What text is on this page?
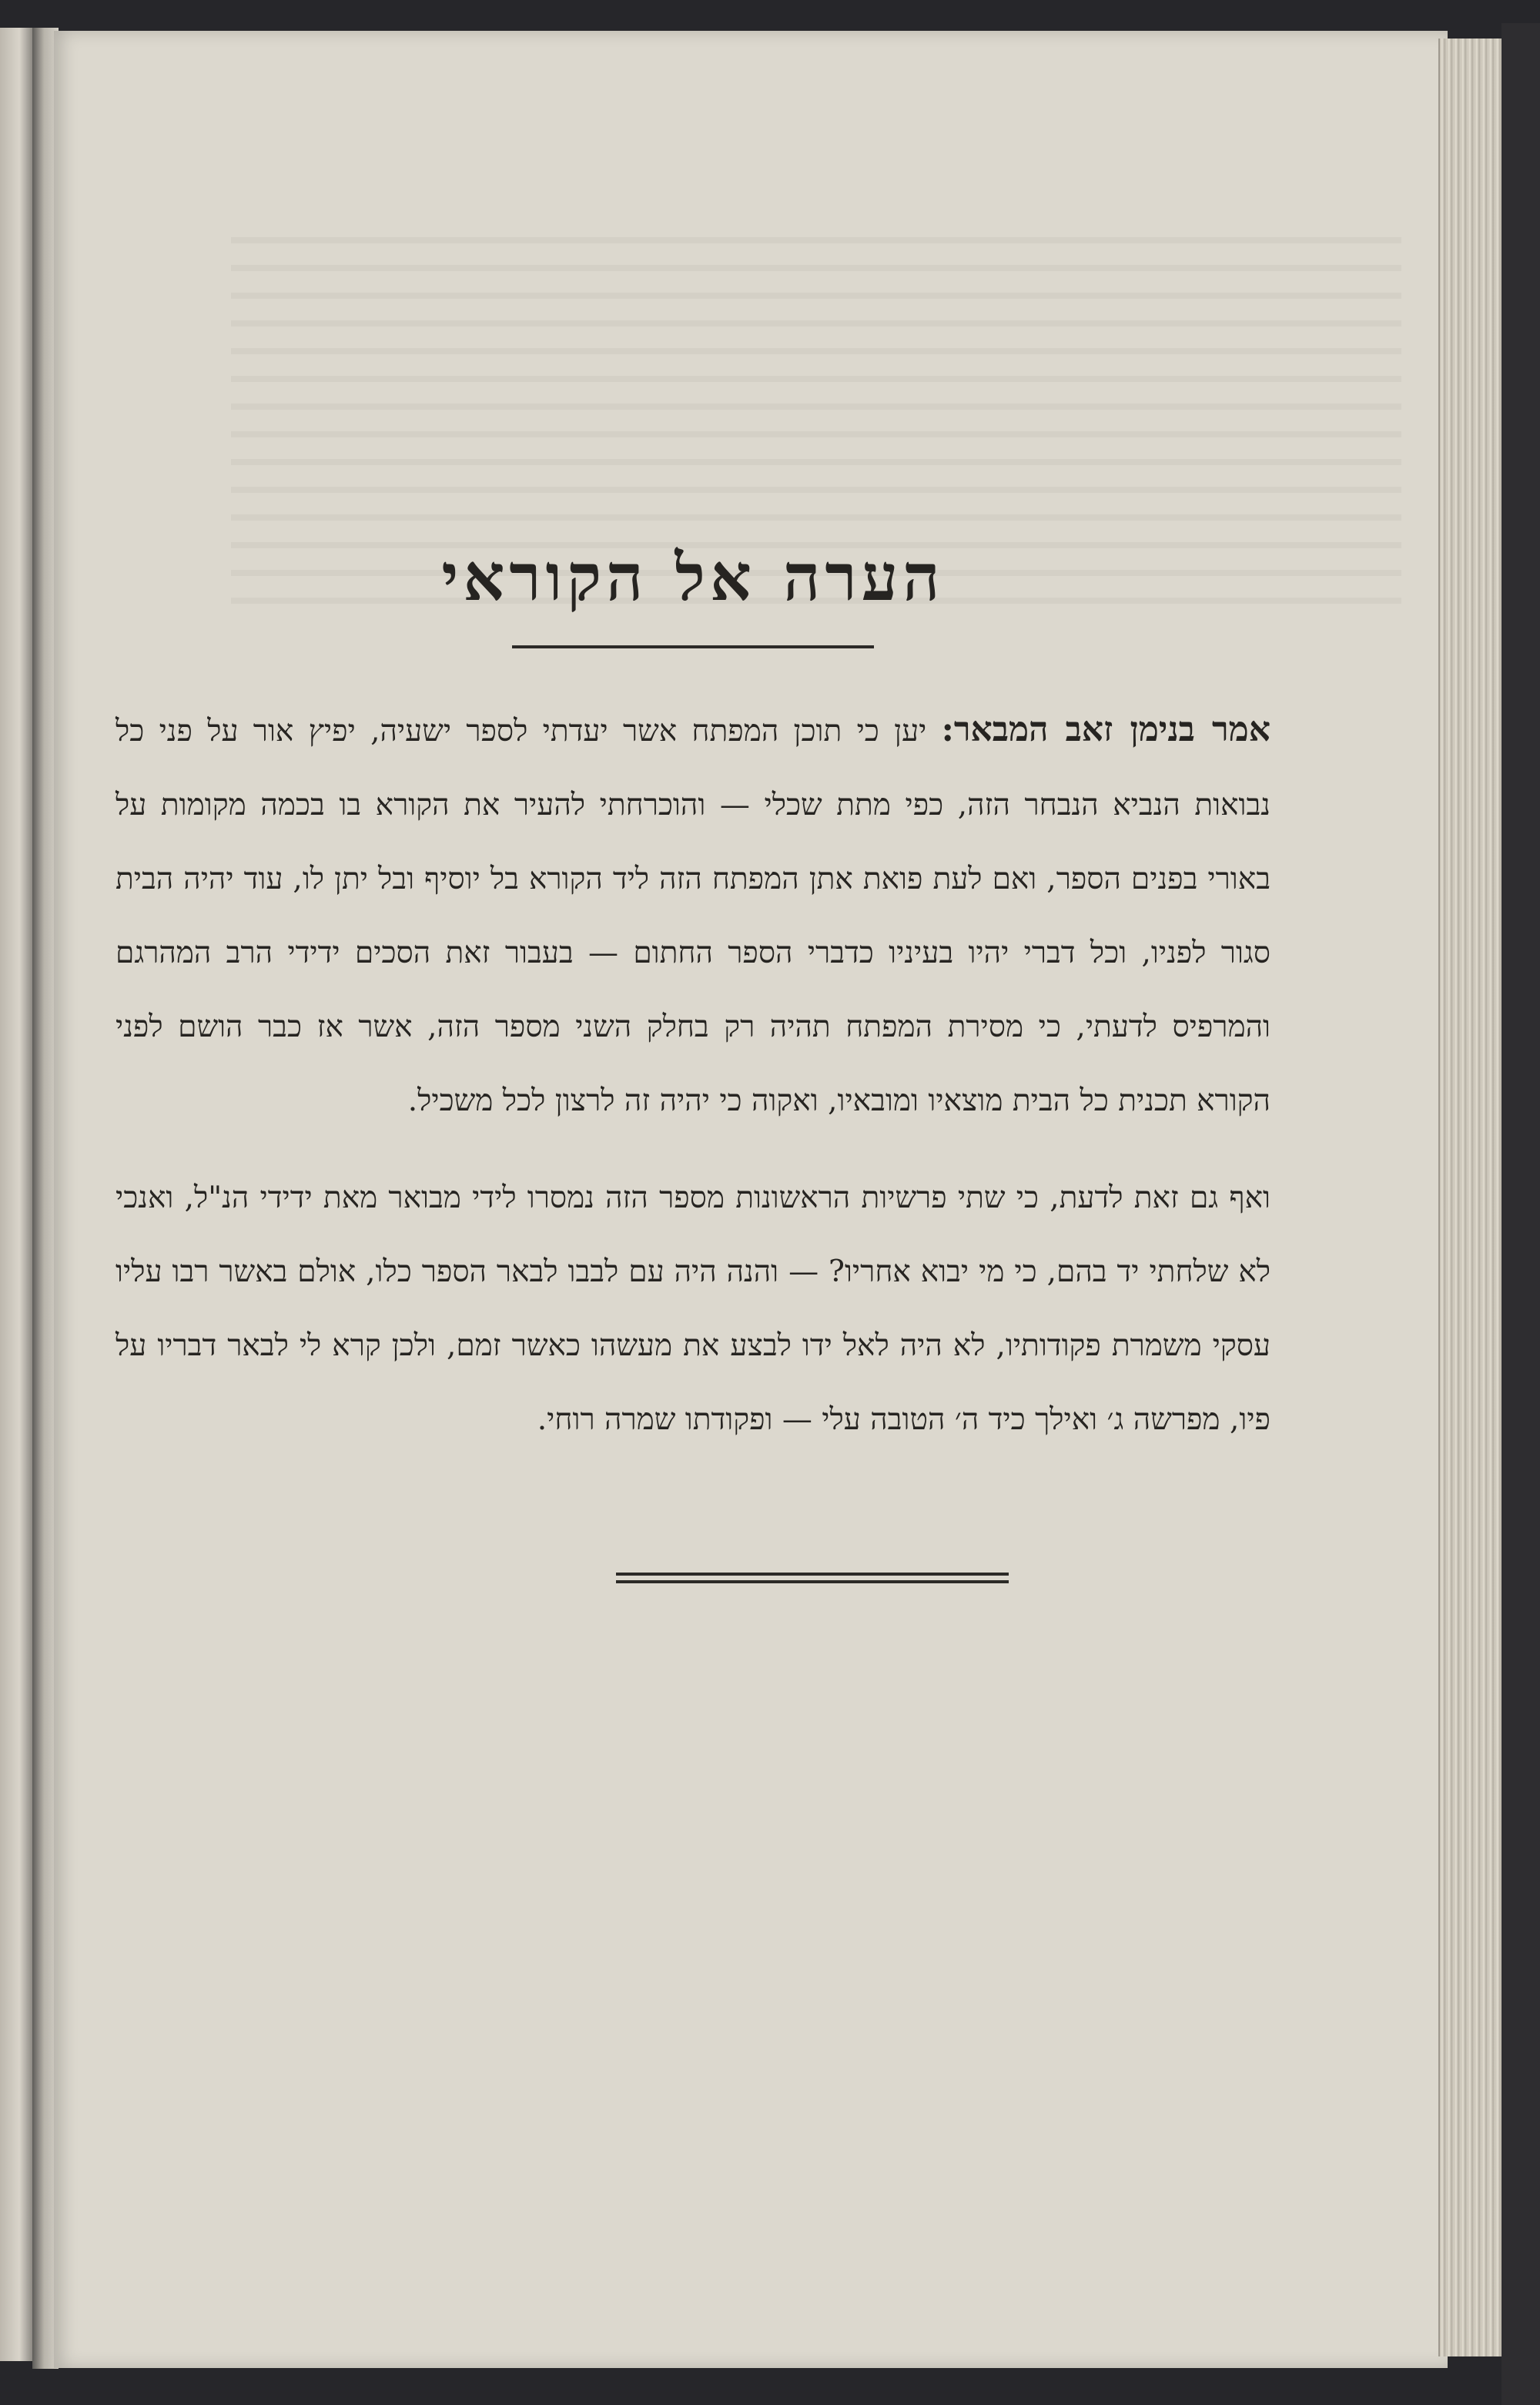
הערה אל הקוראי

אמר בנימן זאב המבאר: יען כי תוכן המפתח אשר יעדתי לספר ישעיה, יפיץ אור על פני כל נבואות הנביא הנבחר הזה, כפי מתת שכלי — והוכרחתי להעיר את הקורא בו בכמה מקומות על באורי בפנים הספר, ואם לעת פואת אתן המפתח הזה ליד הקורא בל יוסיף ובל יתן לו, עוד יהיה הבית סגור לפניו, וכל דברי יהיו בעיניו כדברי הספר החתום — בעבור זאת הסכים ידידי הרב המהרגם והמרפיס לדעתי, כי מסירת המפתח תהיה רק בחלק השני מספר הזה, אשר אז כבר הושם לפני הקורא תכנית כל הבית מוצאיו ומובאיו, ואקוה כי יהיה זה לרצון לכל משכיל.

ואף גם זאת לדעת, כי שתי פרשיות הראשונות מספר הזה נמסרו לידי מבואר מאת ידידי הנ"ל, ואנכי לא שלחתי יד בהם, כי מי יבוא אחריו? — והנה היה עם לבבו לבאר הספר כלו, אולם באשר רבו עליו עסקי משמרת פקודותיו, לא היה לאל ידו לבצע את מעשהו כאשר זמם, ולכן קרא לי לבאר דבריו על פיו, מפרשה ג׳ ואילך כיד ה׳ הטובה עלי — ופקודתו שמרה רוחי.
